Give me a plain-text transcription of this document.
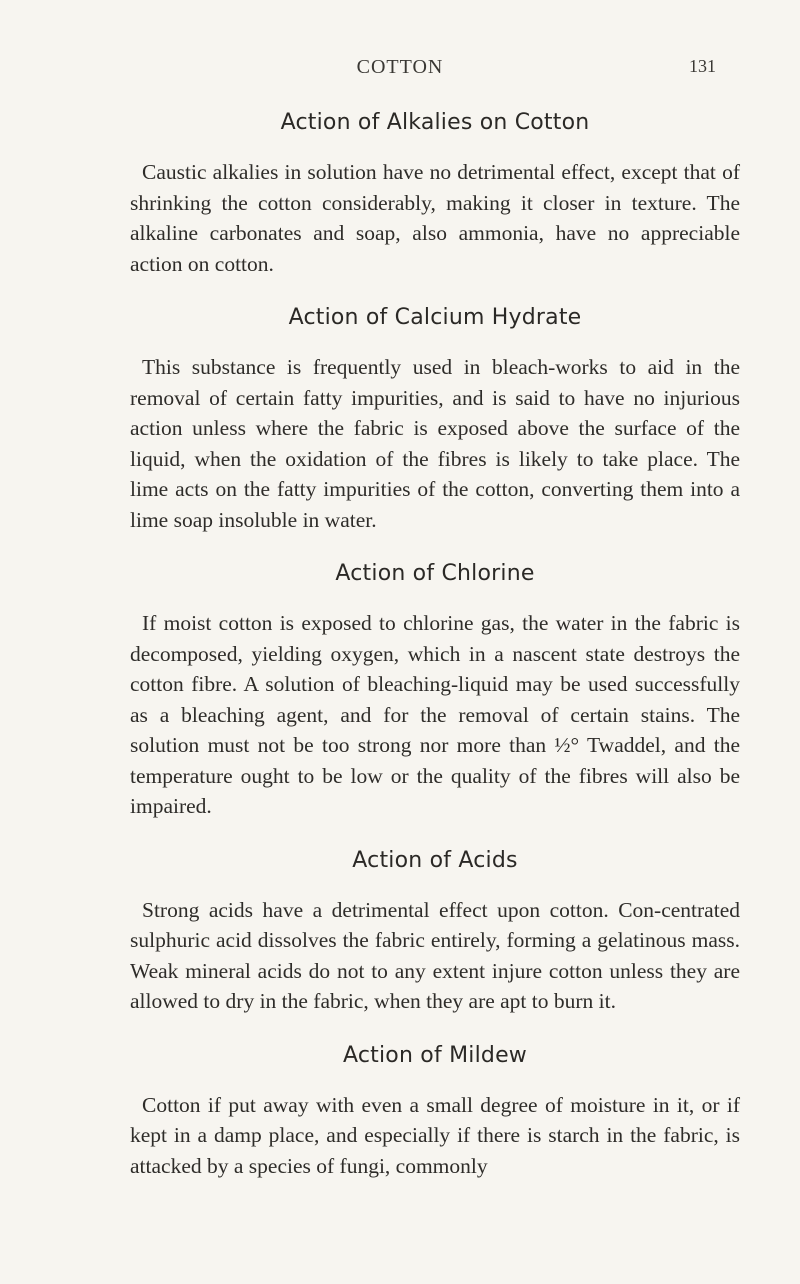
COTTON	131
Action of Alkalies on Cotton

Caustic alkalies in solution have no detrimental effect, except that of shrinking the cotton considerably, making it closer in texture. The alkaline carbonates and soap, also ammonia, have no appreciable action on cotton.

Action of Calcium Hydrate

This substance is frequently used in bleach-works to aid in the removal of certain fatty impurities, and is said to have no injurious action unless where the fabric is exposed above the surface of the liquid, when the oxidation of the fibres is likely to take place. The lime acts on the fatty impurities of the cotton, converting them into a lime soap insoluble in water.

Action of Chlorine

If moist cotton is exposed to chlorine gas, the water in the fabric is decomposed, yielding oxygen, which in a nascent state destroys the cotton fibre. A solution of bleaching-liquid may be used successfully as a bleaching agent, and for the removal of certain stains. The solution must not be too strong nor more than ½° Twaddel, and the temperature ought to be low or the quality of the fibres will also be impaired.

Action of Acids

Strong acids have a detrimental effect upon cotton. Con-centrated sulphuric acid dissolves the fabric entirely, forming a gelatinous mass. Weak mineral acids do not to any extent injure cotton unless they are allowed to dry in the fabric, when they are apt to burn it.

Action of Mildew

Cotton if put away with even a small degree of moisture in it, or if kept in a damp place, and especially if there is starch in the fabric, is attacked by a species of fungi, commonly
